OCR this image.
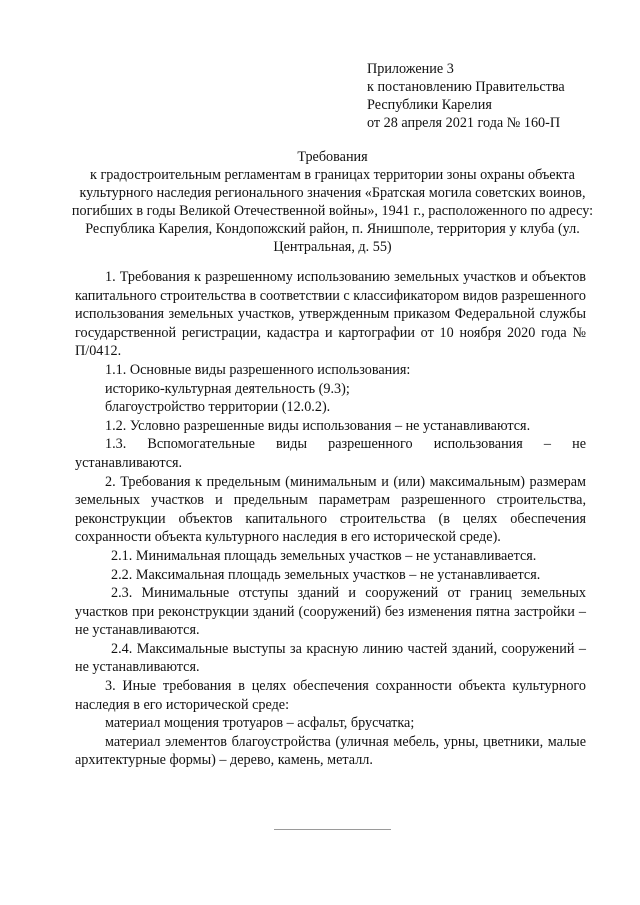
Приложение 3
к постановлению Правительства
Республики Карелия
от 28 апреля 2021 года № 160-П
Требования
к градостроительным регламентам в границах территории зоны охраны объекта культурного наследия регионального значения «Братская могила советских воинов, погибших в годы Великой Отечественной войны», 1941 г., расположенного по адресу: Республика Карелия, Кондопожский район, п. Янишполе, территория у клуба (ул. Центральная, д. 55)

1. Требования к разрешенному использованию земельных участков и объектов капитального строительства в соответствии с классификатором видов разрешенного использования земельных участков, утвержденным приказом Федеральной службы государственной регистрации, кадастра и картографии от 10 ноября 2020 года № П/0412.

1.1. Основные виды разрешенного использования:

историко-культурная деятельность (9.3);

благоустройство территории (12.0.2).

1.2. Условно разрешенные виды использования – не устанавливаются.

1.3. Вспомогательные виды разрешенного использования – не устанавливаются.

2. Требования к предельным (минимальным и (или) максимальным) размерам земельных участков и предельным параметрам разрешенного строительства, реконструкции объектов капитального строительства (в целях обеспечения сохранности объекта культурного наследия в его исторической среде).

2.1. Минимальная площадь земельных участков – не устанавливается.

2.2. Максимальная площадь земельных участков – не устанавливается.

2.3. Минимальные отступы зданий и сооружений от границ земельных участков при реконструкции зданий (сооружений) без изменения пятна застройки – не устанавливаются.

2.4. Максимальные выступы за красную линию частей зданий, сооружений – не устанавливаются.

3. Иные требования в целях обеспечения сохранности объекта культурного наследия в его исторической среде:

материал мощения тротуаров – асфальт, брусчатка;

материал элементов благоустройства (уличная мебель, урны, цветники, малые архитектурные формы) – дерево, камень, металл.
